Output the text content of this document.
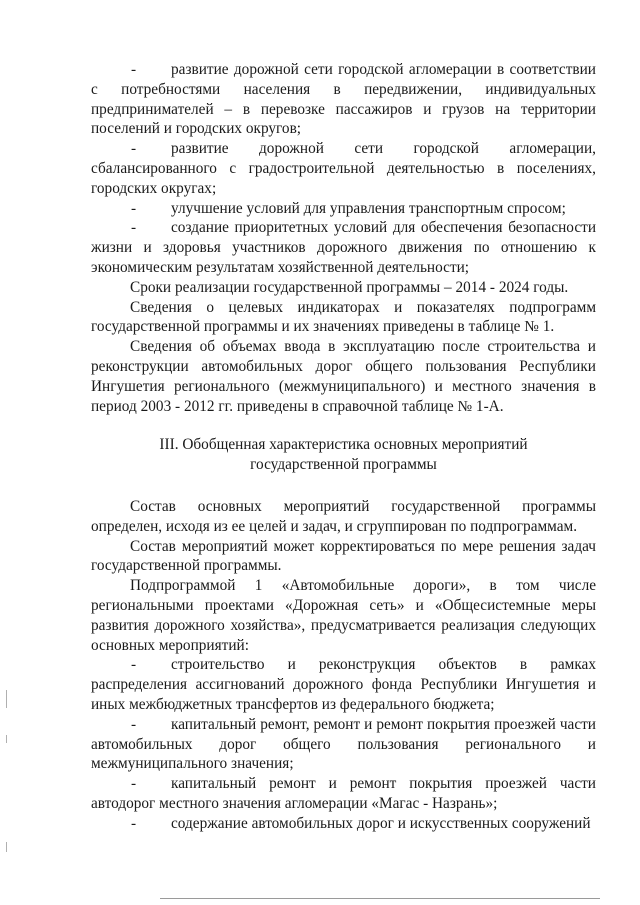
- развитие дорожной сети городской агломерации в соответствии с потребностями населения в передвижении, индивидуальных предпринимателей – в перевозке пассажиров и грузов на территории поселений и городских округов;

- развитие дорожной сети городской агломерации, сбалансированного с градостроительной деятельностью в поселениях, городских округах;

- улучшение условий для управления транспортным спросом;

- создание приоритетных условий для обеспечения безопасности жизни и здоровья участников дорожного движения по отношению к экономическим результатам хозяйственной деятельности;

Сроки реализации государственной программы – 2014 - 2024 годы.

Сведения о целевых индикаторах и показателях подпрограмм государственной программы и их значениях приведены в таблице № 1.

Сведения об объемах ввода в эксплуатацию после строительства и реконструкции автомобильных дорог общего пользования Республики Ингушетия регионального (межмуниципального) и местного значения в период 2003 - 2012 гг. приведены в справочной таблице № 1-А.

III. Обобщенная характеристика основных мероприятий
государственной программы

Состав основных мероприятий государственной программы определен, исходя из ее целей и задач, и сгруппирован по подпрограммам.

Состав мероприятий может корректироваться по мере решения задач государственной программы.

Подпрограммой 1 «Автомобильные дороги», в том числе региональными проектами «Дорожная сеть» и «Общесистемные меры развития дорожного хозяйства», предусматривается реализация следующих основных мероприятий:

- строительство и реконструкция объектов в рамках распределения ассигнований дорожного фонда Республики Ингушетия и иных межбюджетных трансфертов из федерального бюджета;

- капитальный ремонт, ремонт и ремонт покрытия проезжей части автомобильных дорог общего пользования регионального и межмуниципального значения;

- капитальный ремонт и ремонт покрытия проезжей части автодорог местного значения агломерации «Магас - Назрань»;

- содержание автомобильных дорог и искусственных сооружений
